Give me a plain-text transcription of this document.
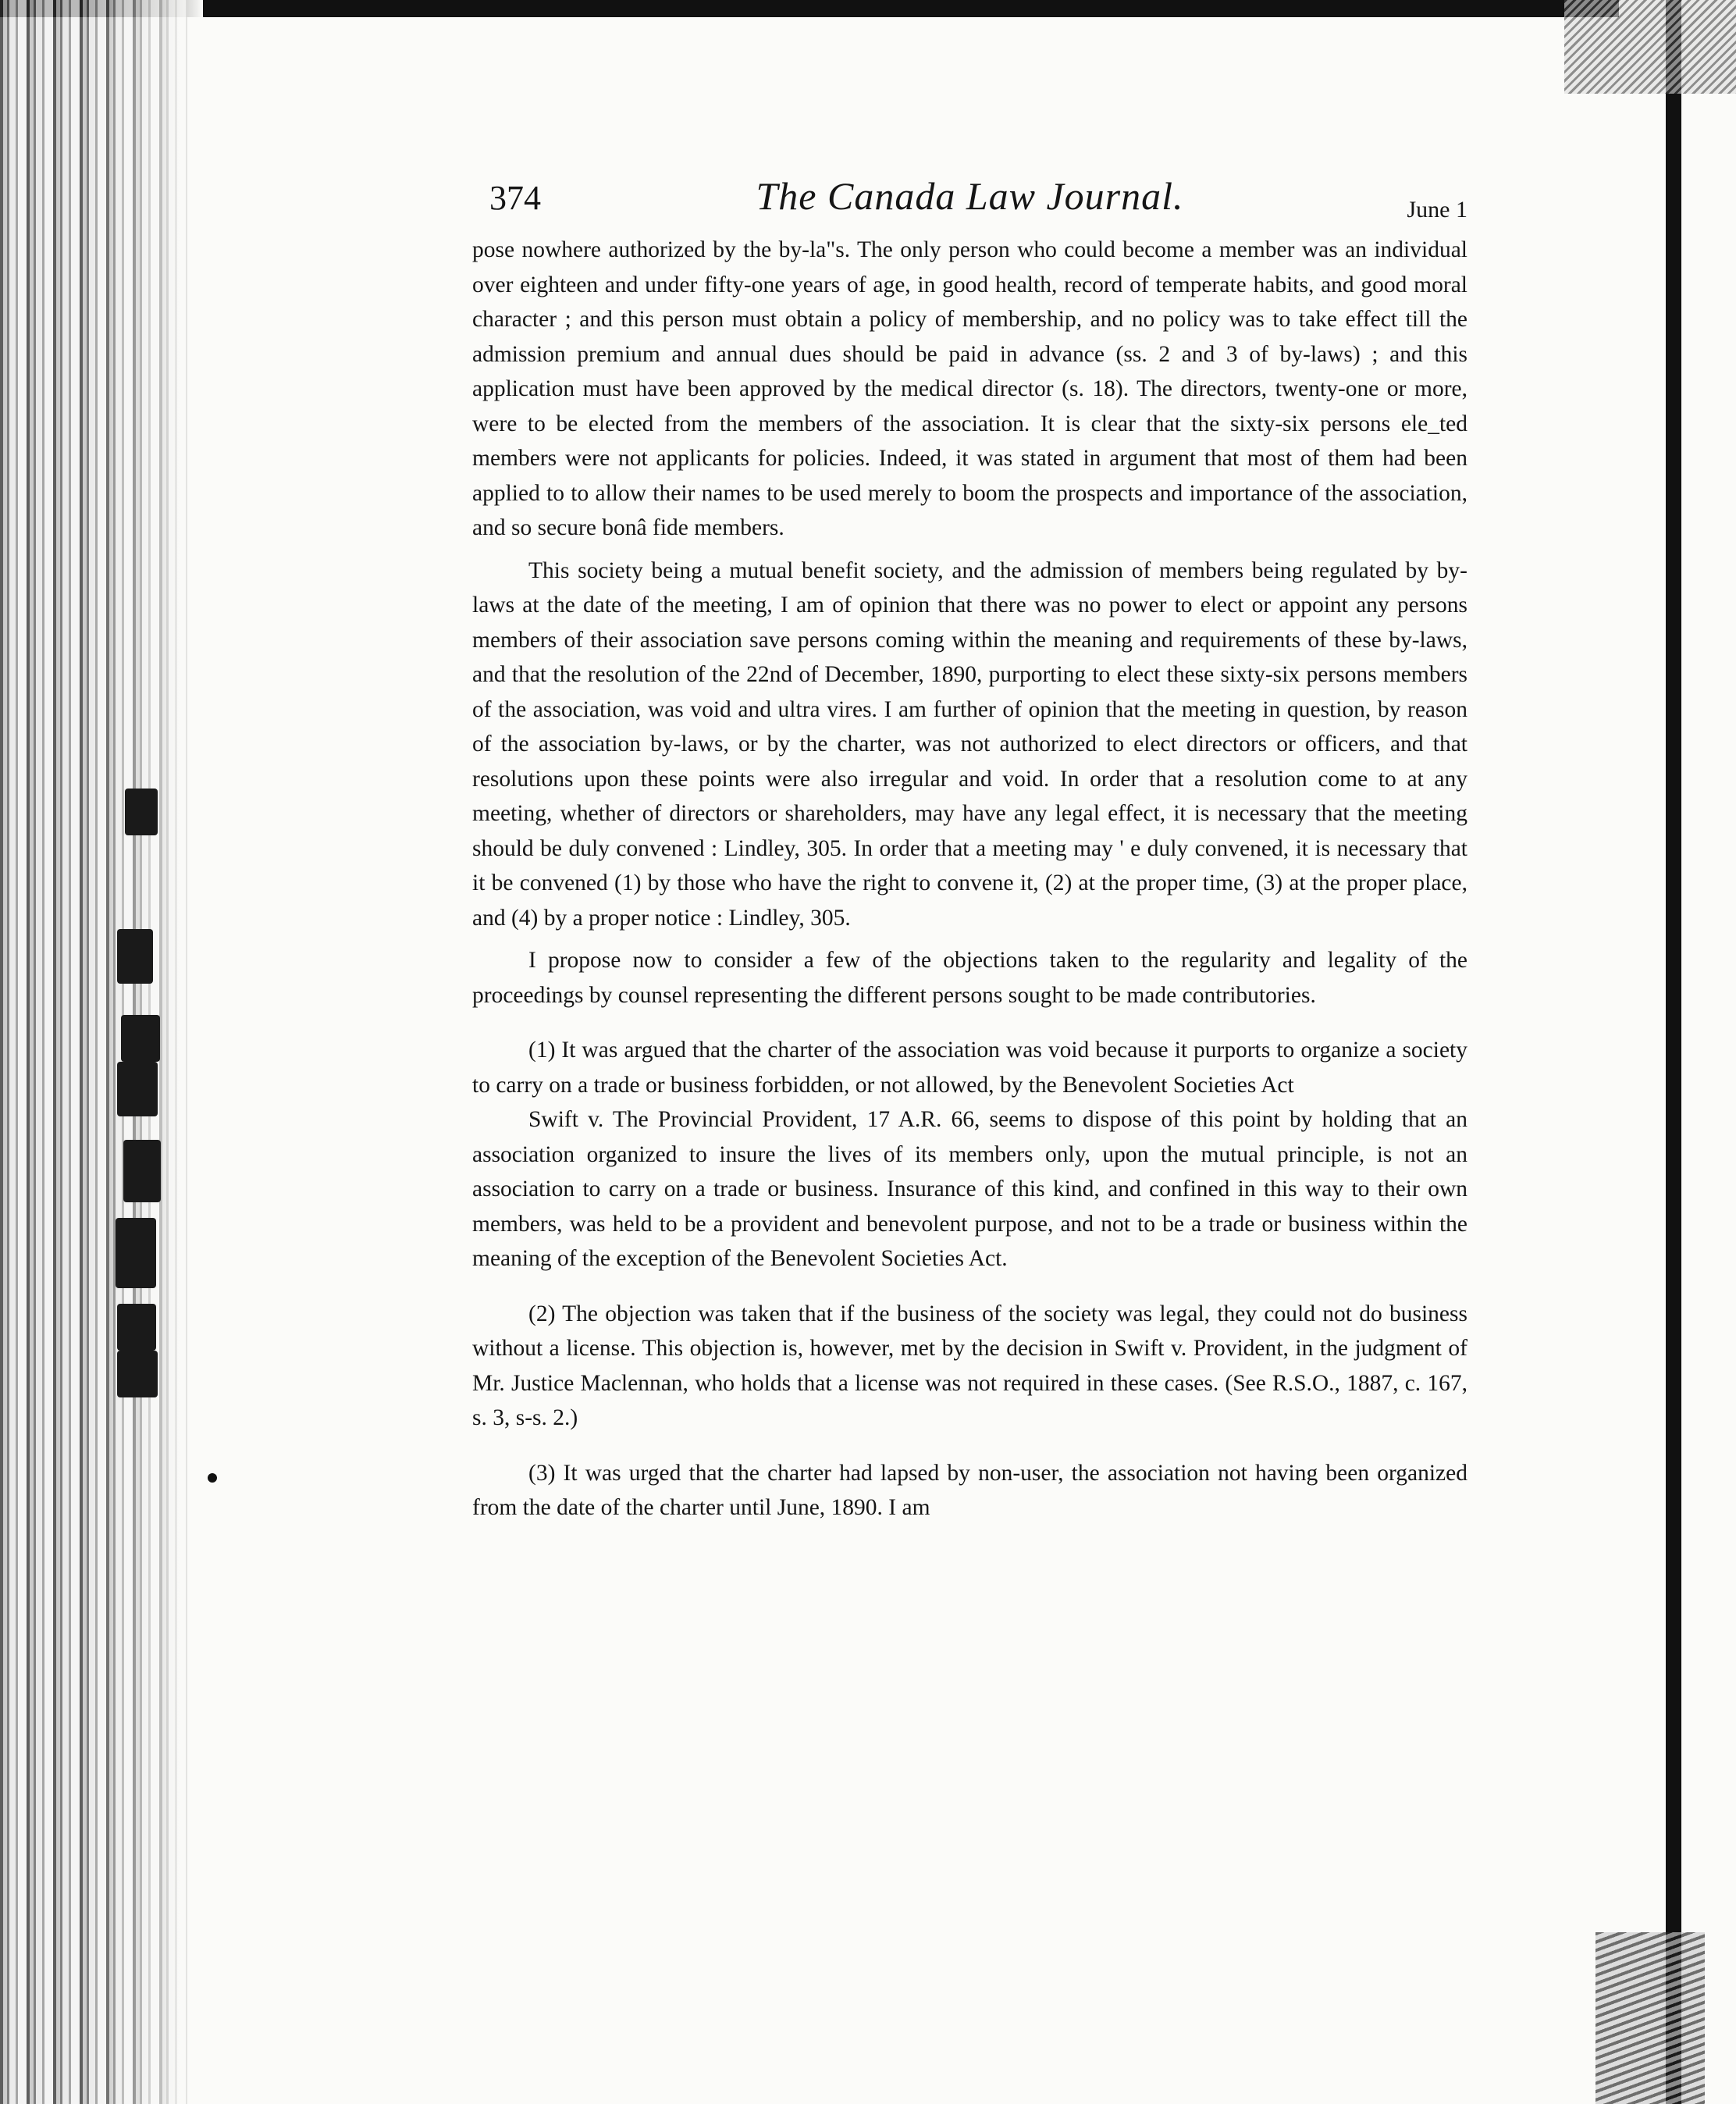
374	The Canada Law Journal.	June 1

pose nowhere authorized by the by-la"s. The only person who could become a member was an individual over eighteen and under fifty-one years of age, in good health, record of temperate habits, and good moral character ; and this person must obtain a policy of membership, and no policy was to take effect till the admission premium and annual dues should be paid in advance (ss. 2 and 3 of by-laws) ; and this application must have been approved by the medical director (s. 18). The directors, twenty-one or more, were to be elected from the members of the association. It is clear that the sixty-six persons ele_ted members were not applicants for policies. Indeed, it was stated in argument that most of them had been applied to to allow their names to be used merely to boom the prospects and importance of the association, and so secure bonâ fide members.

This society being a mutual benefit society, and the admission of members being regulated by by-laws at the date of the meeting, I am of opinion that there was no power to elect or appoint any persons members of their association save persons coming within the meaning and requirements of these by-laws, and that the resolution of the 22nd of December, 1890, purporting to elect these sixty-six persons members of the association, was void and ultra vires. I am further of opinion that the meeting in question, by reason of the association by-laws, or by the charter, was not authorized to elect directors or officers, and that resolutions upon these points were also irregular and void. In order that a resolution come to at any meeting, whether of directors or shareholders, may have any legal effect, it is necessary that the meeting should be duly convened : Lindley, 305. In order that a meeting may ' e duly convened, it is necessary that it be convened (1) by those who have the right to convene it, (2) at the proper time, (3) at the proper place, and (4) by a proper notice : Lindley, 305.

I propose now to consider a few of the objections taken to the regularity and legality of the proceedings by counsel representing the different persons sought to be made contributories.

(1) It was argued that the charter of the association was void because it purports to organize a society to carry on a trade or business forbidden, or not allowed, by the Benevolent Societies Act

Swift v. The Provincial Provident, 17 A.R. 66, seems to dispose of this point by holding that an association organized to insure the lives of its members only, upon the mutual principle, is not an association to carry on a trade or business. Insurance of this kind, and confined in this way to their own members, was held to be a provident and benevolent purpose, and not to be a trade or business within the meaning of the exception of the Benevolent Societies Act.

(2) The objection was taken that if the business of the society was legal, they could not do business without a license. This objection is, however, met by the decision in Swift v. Provident, in the judgment of Mr. Justice Maclennan, who holds that a license was not required in these cases. (See R.S.O., 1887, c. 167, s. 3, s-s. 2.)

(3) It was urged that the charter had lapsed by non-user, the association not having been organized from the date of the charter until June, 1890. I am
